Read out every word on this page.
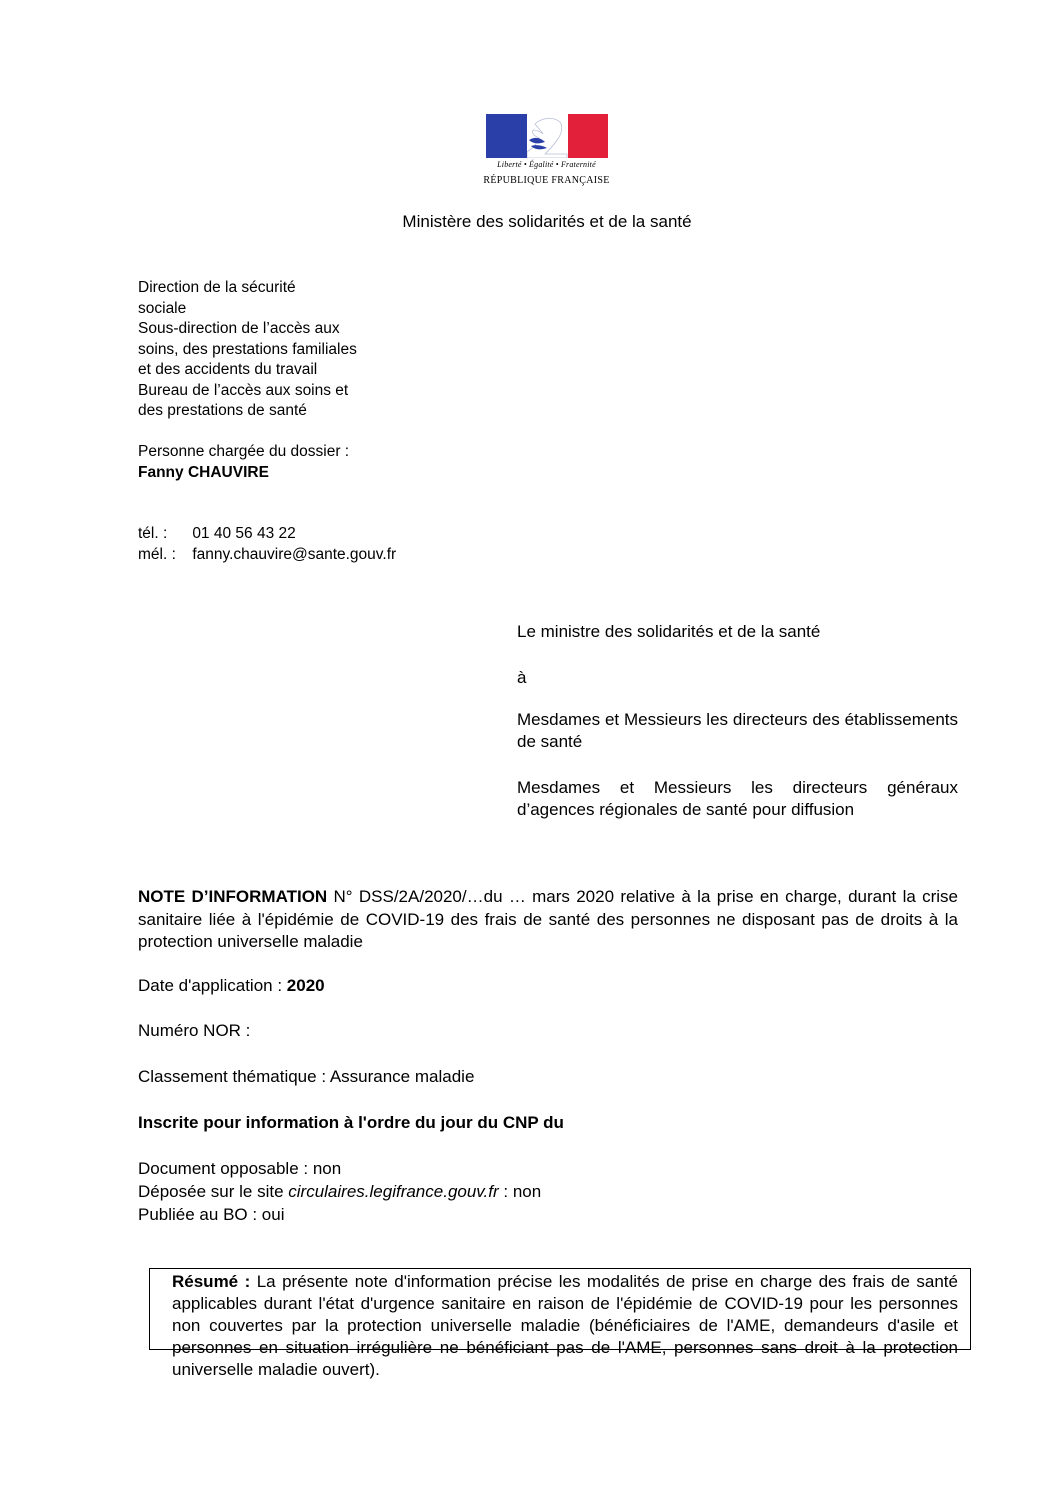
Liberté • Égalité • Fraternité
RÉPUBLIQUE FRANÇAISE
Ministère des solidarités et de la santé
Direction de la sécurité
sociale
Sous-direction de l’accès aux
soins, des prestations familiales
et des accidents du travail
Bureau de l’accès aux soins et
des prestations de santé
Personne chargée du dossier :
Fanny CHAUVIRE
tél. : 01 40 56 43 22
mél. : fanny.chauvire@sante.gouv.fr
Le ministre des solidarités et de la santé
à
Mesdames et Messieurs les directeurs des établissements de santé
Mesdames et Messieurs les directeurs généraux d’agences régionales de santé pour diffusion
NOTE D’INFORMATION N° DSS/2A/2020/…du … mars 2020 relative à la prise en charge, durant la crise sanitaire liée à l'épidémie de COVID-19 des frais de santé des personnes ne disposant pas de droits à la protection universelle maladie
Date d'application : 2020
Numéro NOR :
Classement thématique : Assurance maladie
Inscrite pour information à l'ordre du jour du CNP du
Document opposable : non
Déposée sur le site circulaires.legifrance.gouv.fr : non
Publiée au BO : oui
Résumé : La présente note d'information précise les modalités de prise en charge des frais de santé applicables durant l'état d'urgence sanitaire en raison de l'épidémie de COVID-19 pour les personnes non couvertes par la protection universelle maladie (bénéficiaires de l'AME, demandeurs d'asile et personnes en situation irrégulière ne bénéficiant pas de l'AME, personnes sans droit à la protection universelle maladie ouvert).
